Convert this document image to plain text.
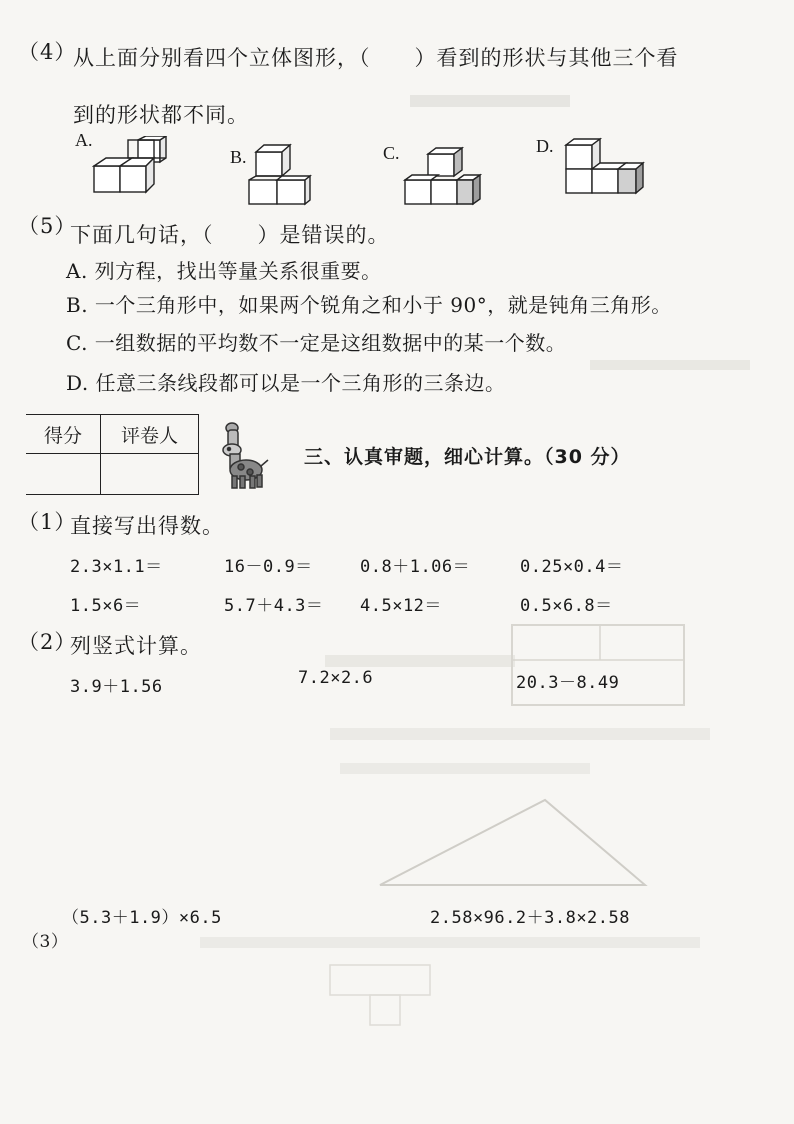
（4）
从上面分别看四个立体图形，（　　）看到的形状与其他三个看
到的形状都不同。
A.
B.	C.	D.
（5）
下面几句话，（　　）是错误的。
A. 列方程，找出等量关系很重要。
B. 一个三角形中，如果两个锐角之和小于 90°，就是钝角三角形。
C. 一组数据的平均数不一定是这组数据中的某一个数。
D. 任意三条线段都可以是一个三角形的三条边。
得分	评卷人

三、认真审题，细心计算。（30 分）
（1）
直接写出得数。
2.3×1.1＝	16－0.9＝	0.8＋1.06＝	0.25×0.4＝
1.5×6＝	5.7＋4.3＝ 4.5×12＝	0.5×6.8＝
（2）
列竖式计算。
3.9＋1.56	7.2×2.6	20.3－8.49
（3）
（5.3＋1.9）×6.5	2.58×96.2＋3.8×2.58
